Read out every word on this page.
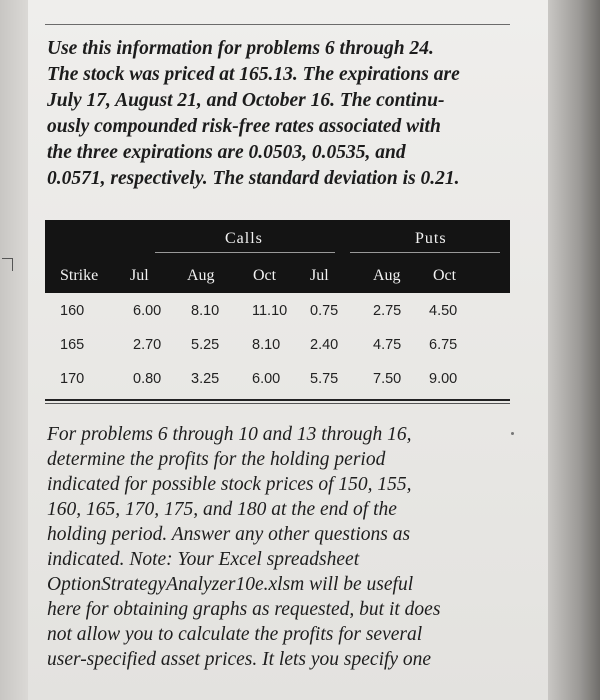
Use this information for problems 6 through 24.
The stock was priced at 165.13. The expirations are
July 17, August 21, and October 16. The continu-
ously compounded risk-free rates associated with
the three expirations are 0.0503, 0.0535, and
0.0571, respectively. The standard deviation is 0.21.
Calls	Puts
Strike Jul Aug Oct Jul	Aug Oct
160	6.00 8.10 11.10 0.75 2.75 4.50
165	2.70 5.25 8.10 2.40 4.75 6.75
170	0.80 3.25 6.00 5.75 7.50 9.00
For problems 6 through 10 and 13 through 16,
determine the profits for the holding period
indicated for possible stock prices of 150, 155,
160, 165, 170, 175, and 180 at the end of the
holding period. Answer any other questions as
indicated. Note: Your Excel spreadsheet
OptionStrategyAnalyzer10e.xlsm will be useful
here for obtaining graphs as requested, but it does
not allow you to calculate the profits for several
user-specified asset prices. It lets you specify one
